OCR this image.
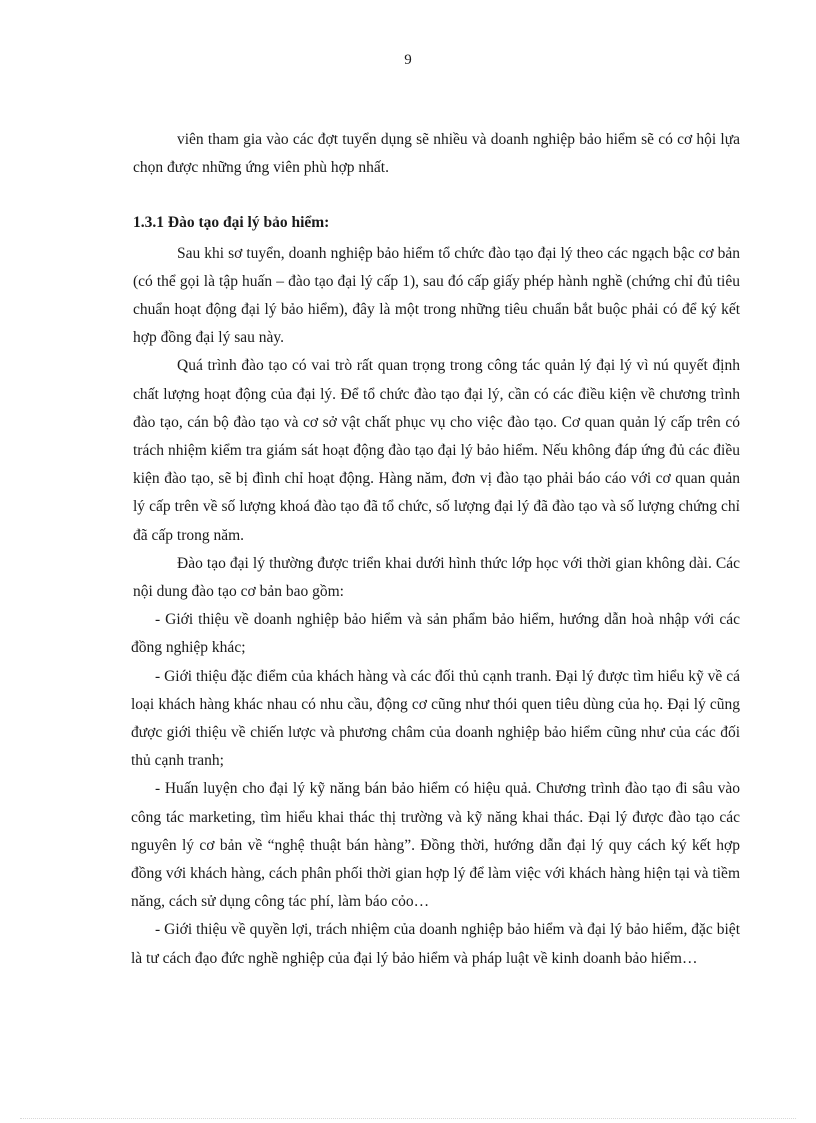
9

viên tham gia vào các đợt tuyển dụng sẽ nhiều và doanh nghiệp bảo hiểm sẽ có cơ hội lựa chọn được những ứng viên phù hợp nhất.

1.3.1 Đào tạo đại lý bảo hiểm:

Sau khi sơ tuyển, doanh nghiệp bảo hiểm tổ chức đào tạo đại lý theo các ngạch bậc cơ bản (có thể gọi là tập huấn – đào tạo đại lý cấp 1), sau đó cấp giấy phép hành nghề (chứng chỉ đủ tiêu chuẩn hoạt động đại lý bảo hiểm), đây là một trong những tiêu chuẩn bắt buộc phải có để ký kết hợp đồng đại lý sau này.

Quá trình đào tạo có vai trò rất quan trọng trong công tác quản lý đại lý vì nú quyết định chất lượng hoạt động của đại lý. Để tổ chức đào tạo đại lý, cần có các điều kiện về chương trình đào tạo, cán bộ đào tạo và cơ sở vật chất phục vụ cho việc đào tạo. Cơ quan quản lý cấp trên có trách nhiệm kiểm tra giám sát hoạt động đào tạo đại lý bảo hiểm. Nếu không đáp ứng đủ các điều kiện đào tạo, sẽ bị đình chỉ hoạt động. Hàng năm, đơn vị đào tạo phải báo cáo với cơ quan quản lý cấp trên về số lượng khoá đào tạo đã tổ chức, số lượng đại lý đã đào tạo và số lượng chứng chỉ đã cấp trong năm.

Đào tạo đại lý thường được triển khai dưới hình thức lớp học với thời gian không dài. Các nội dung đào tạo cơ bản bao gồm:

- Giới thiệu về doanh nghiệp bảo hiểm và sản phẩm bảo hiểm, hướng dẫn hoà nhập với các đồng nghiệp khác;

- Giới thiệu đặc điểm của khách hàng và các đối thủ cạnh tranh. Đại lý được tìm hiểu kỹ về cá loại khách hàng khác nhau có nhu cầu, động cơ cũng như thói quen tiêu dùng của họ. Đại lý cũng được giới thiệu về chiến lược và phương châm của doanh nghiệp bảo hiểm cũng như của các đối thủ cạnh tranh;

- Huấn luyện cho đại lý kỹ năng bán bảo hiểm có hiệu quả. Chương trình đào tạo đi sâu vào công tác marketing, tìm hiểu khai thác thị trường và kỹ năng khai thác. Đại lý được đào tạo các nguyên lý cơ bản về “nghệ thuật bán hàng”. Đồng thời, hướng dẫn đại lý quy cách ký kết hợp đồng với khách hàng, cách phân phối thời gian hợp lý để làm việc với khách hàng hiện tại và tiềm năng, cách sử dụng công tác phí, làm báo cỏo…

- Giới thiệu về quyền lợi, trách nhiệm của doanh nghiệp bảo hiểm và đại lý bảo hiểm, đặc biệt là tư cách đạo đức nghề nghiệp của đại lý bảo hiểm và pháp luật về kinh doanh bảo hiểm…
